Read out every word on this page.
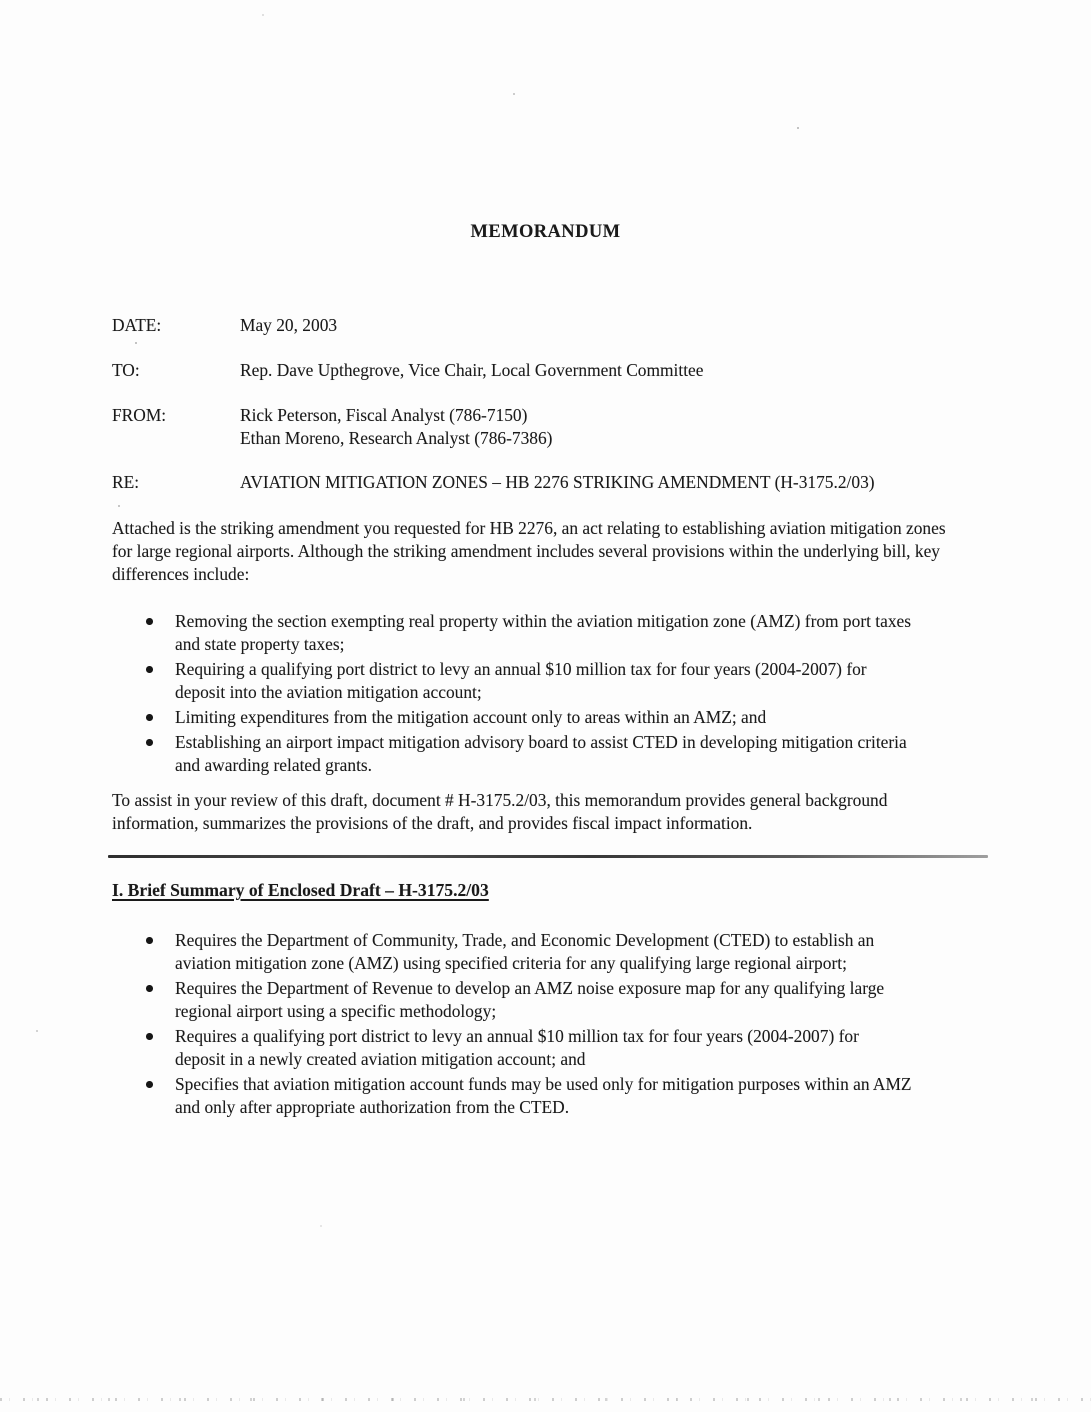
MEMORANDUM
DATE:	May 20, 2003
TO:	Rep. Dave Upthegrove, Vice Chair, Local Government Committee
FROM:	Rick Peterson, Fiscal Analyst (786-7150)
Ethan Moreno, Research Analyst (786-7386)
RE:	AVIATION MITIGATION ZONES – HB 2276 STRIKING AMENDMENT (H-3175.2/03)

Attached is the striking amendment you requested for HB 2276, an act relating to establishing aviation mitigation zones for large regional airports. Although the striking amendment includes several provisions within the underlying bill, key differences include:

Removing the section exempting real property within the aviation mitigation zone (AMZ) from port taxes and state property taxes;
Requiring a qualifying port district to levy an annual $10 million tax for four years (2004-2007) for deposit into the aviation mitigation account;
Limiting expenditures from the mitigation account only to areas within an AMZ; and
Establishing an airport impact mitigation advisory board to assist CTED in developing mitigation criteria and awarding related grants.

To assist in your review of this draft, document # H-3175.2/03, this memorandum provides general background information, summarizes the provisions of the draft, and provides fiscal impact information.

I. Brief Summary of Enclosed Draft – H-3175.2/03
Requires the Department of Community, Trade, and Economic Development (CTED) to establish an aviation mitigation zone (AMZ) using specified criteria for any qualifying large regional airport;
Requires the Department of Revenue to develop an AMZ noise exposure map for any qualifying large regional airport using a specific methodology;
Requires a qualifying port district to levy an annual $10 million tax for four years (2004-2007) for deposit in a newly created aviation mitigation account; and
Specifies that aviation mitigation account funds may be used only for mitigation purposes within an AMZ and only after appropriate authorization from the CTED.
